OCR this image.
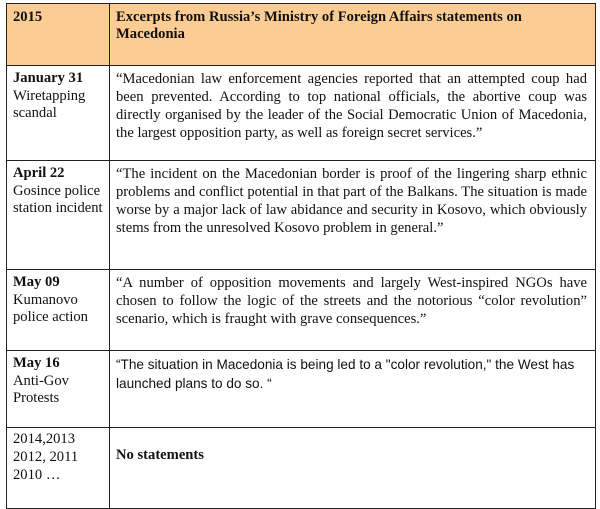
2015	Excerpts from Russia’s Ministry of Foreign Affairs statements on Macedonia

January 31
Wiretapping scandal	“Macedonian law enforcement agencies reported that an attempted coup had been prevented. According to top national officials, the abortive coup was directly organised by the leader of the Social Democratic Union of Macedonia, the largest opposition party, as well as foreign secret services.”

April 22
Gosince police station incident	“The incident on the Macedonian border is proof of the lingering sharp ethnic problems and conflict potential in that part of the Balkans. The situation is made worse by a major lack of law abidance and security in Kosovo, which obviously stems from the unresolved Kosovo problem in general.”

May 09
Kumanovo police action	“A number of opposition movements and largely West-inspired NGOs have chosen to follow the logic of the streets and the notorious “color revolution” scenario, which is fraught with grave consequences.”

May 16
Anti-Gov Protests	“The situation in Macedonia is being led to a "color revolution," the West has launched plans to do so. “

2014,2013
2012, 2011
2010 …	No statements
